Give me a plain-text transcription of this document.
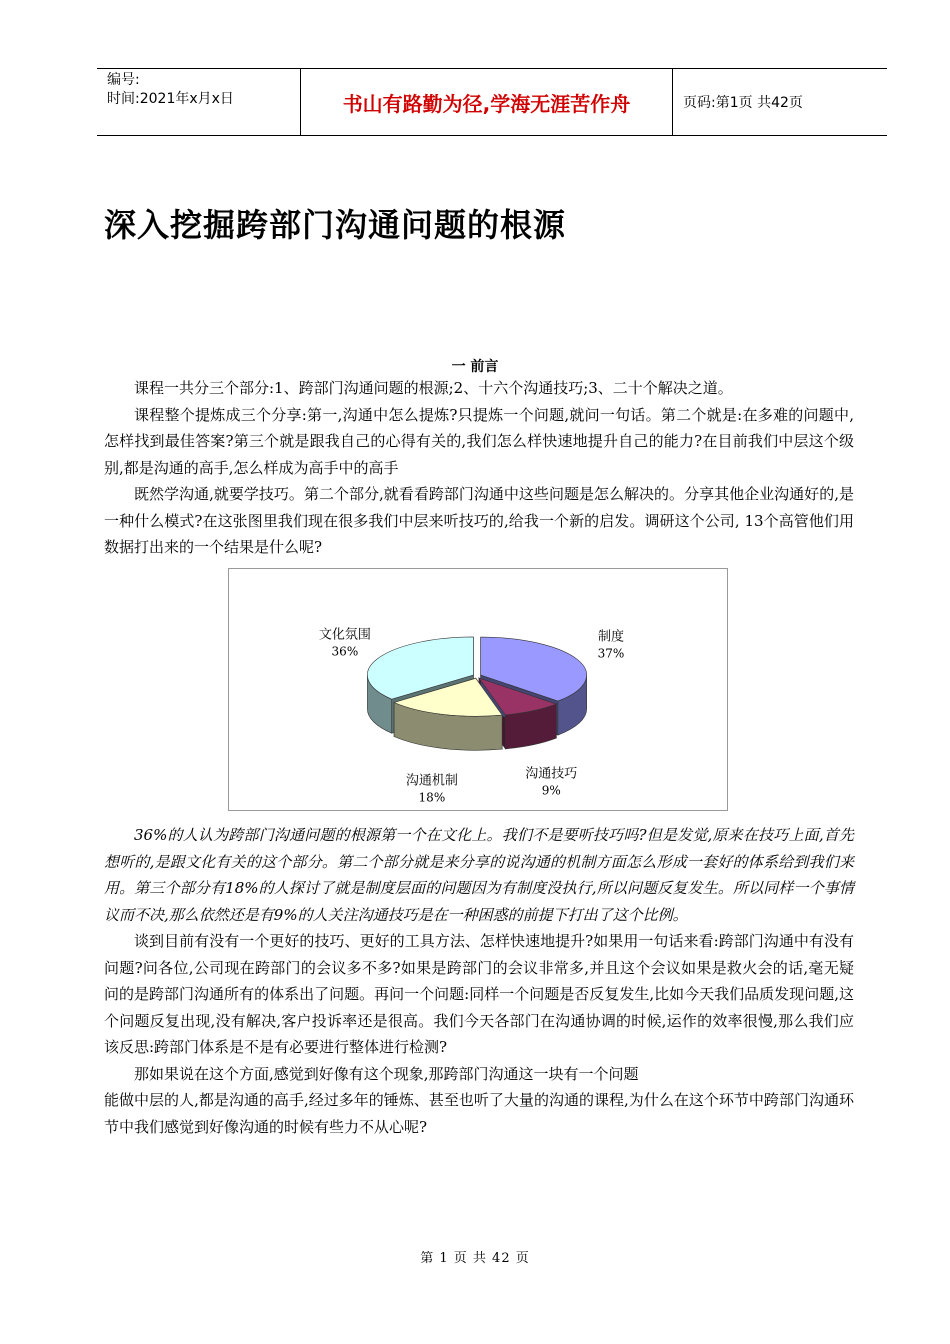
编号:
时间:2021年x月x日	书山有路勤为径,学海无涯苦作舟	页码:第1页 共42页
深入挖掘跨部门沟通问题的根源
一 前言

课程一共分三个部分:1、跨部门沟通问题的根源;2、十六个沟通技巧;3、二十个解决之道。

课程整个提炼成三个分享:第一,沟通中怎么提炼?只提炼一个问题,就问一句话。第二个就是:在多难的问题中,怎样找到最佳答案?第三个就是跟我自己的心得有关的,我们怎么样快速地提升自己的能力?在目前我们中层这个级别,都是沟通的高手,怎么样成为高手中的高手

既然学沟通,就要学技巧。第二个部分,就看看跨部门沟通中这些问题是怎么解决的。分享其他企业沟通好的,是一种什么模式?在这张图里我们现在很多我们中层来听技巧的,给我一个新的启发。调研这个公司, 13个高管他们用数据打出来的一个结果是什么呢?

制度
37%
沟通技巧
9%
沟通机制
18%
文化氛围
36%

36%的人认为跨部门沟通问题的根源第一个在文化上。我们不是要听技巧吗?但是发觉,原来在技巧上面,首先想听的,是跟文化有关的这个部分。第二个部分就是来分享的说沟通的机制方面怎么形成一套好的体系给到我们来用。第三个部分有18%的人探讨了就是制度层面的问题因为有制度没执行,所以问题反复发生。所以同样一个事情议而不决,那么依然还是有9%的人关注沟通技巧是在一种困惑的前提下打出了这个比例。

谈到目前有没有一个更好的技巧、更好的工具方法、怎样快速地提升?如果用一句话来看:跨部门沟通中有没有问题?问各位,公司现在跨部门的会议多不多?如果是跨部门的会议非常多,并且这个会议如果是救火会的话,毫无疑问的是跨部门沟通所有的体系出了问题。再问一个问题:同样一个问题是否反复发生,比如今天我们品质发现问题,这个问题反复出现,没有解决,客户投诉率还是很高。我们今天各部门在沟通协调的时候,运作的效率很慢,那么我们应该反思:跨部门体系是不是有必要进行整体进行检测?

那如果说在这个方面,感觉到好像有这个现象,那跨部门沟通这一块有一个问题

能做中层的人,都是沟通的高手,经过多年的锤炼、甚至也听了大量的沟通的课程,为什么在这个环节中跨部门沟通环节中我们感觉到好像沟通的时候有些力不从心呢?

第 1 页 共 42 页
